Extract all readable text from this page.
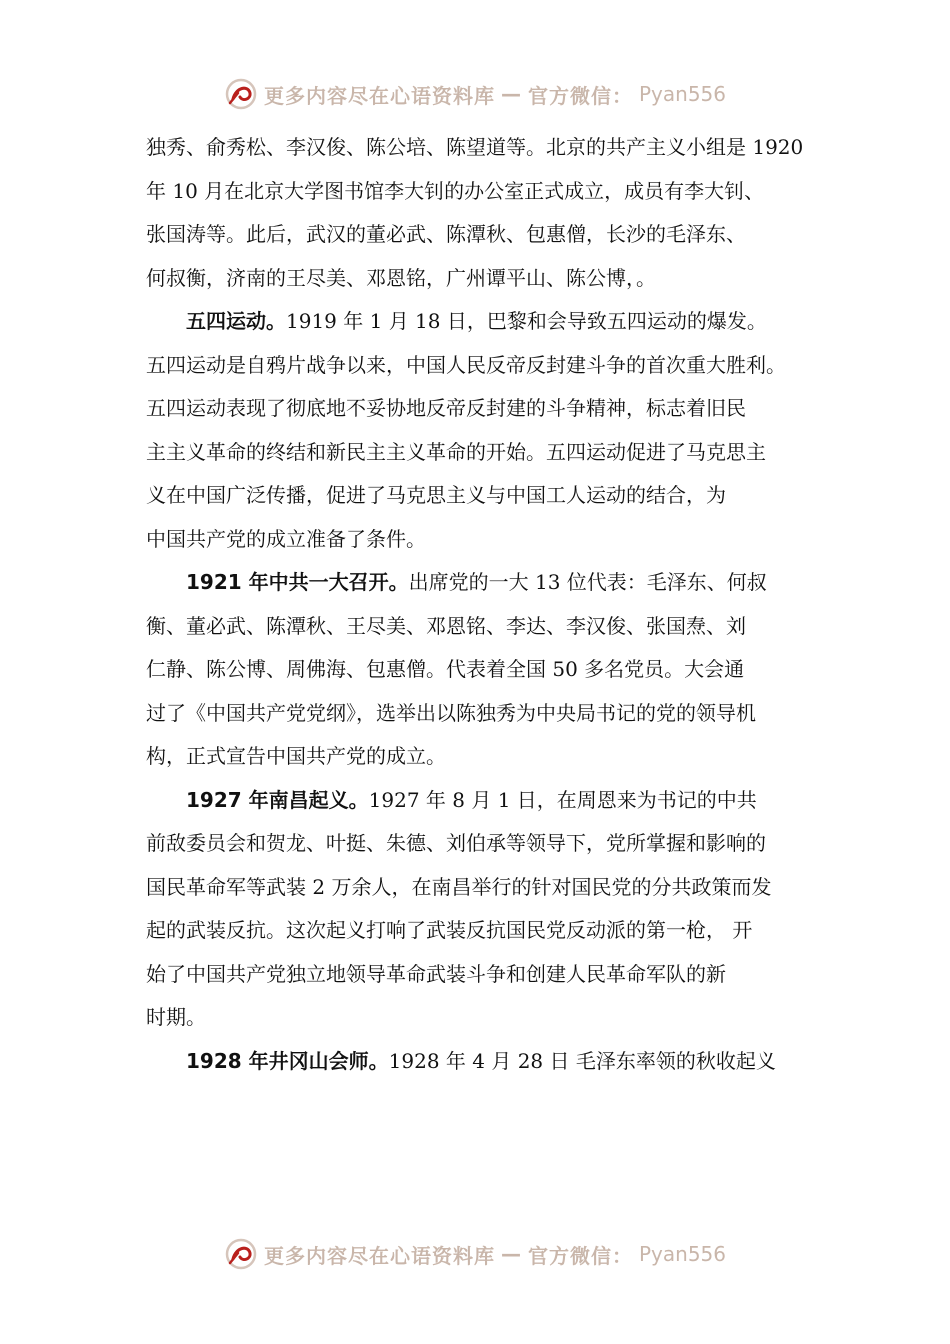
更多内容尽在心语资料库 — 官方微信： Pyan556

独秀、俞秀松、李汉俊、陈公培、陈望道等。北京的共产主义小组是 1920
年 10 月在北京大学图书馆李大钊的办公室正式成立，成员有李大钊、
张国涛等。此后，武汉的董必武、陈潭秋、包惠僧，长沙的毛泽东、
何叔衡，济南的王尽美、邓恩铭，广州谭平山、陈公博，。

五四运动。1919 年 1 月 18 日，巴黎和会导致五四运动的爆发。
五四运动是自鸦片战争以来，中国人民反帝反封建斗争的首次重大胜利。
五四运动表现了彻底地不妥协地反帝反封建的斗争精神，标志着旧民
主主义革命的终结和新民主主义革命的开始。五四运动促进了马克思主
义在中国广泛传播，促进了马克思主义与中国工人运动的结合，为
中国共产党的成立准备了条件。

1921 年中共一大召开。出席党的一大 13 位代表：毛泽东、何叔
衡、董必武、陈潭秋、王尽美、邓恩铭、李达、李汉俊、张国焘、刘
仁静、陈公博、周佛海、包惠僧。代表着全国 50 多名党员。大会通
过了《中国共产党党纲》，选举出以陈独秀为中央局书记的党的领导机
构，正式宣告中国共产党的成立。

1927 年南昌起义。1927 年 8 月 1 日，在周恩来为书记的中共
前敌委员会和贺龙、叶挺、朱德、刘伯承等领导下，党所掌握和影响的
国民革命军等武装 2 万余人，在南昌举行的针对国民党的分共政策而发
起的武装反抗。这次起义打响了武装反抗国民党反动派的第一枪， 开
始了中国共产党独立地领导革命武装斗争和创建人民革命军队的新
时期。

1928 年井冈山会师。1928 年 4 月 28 日 毛泽东率领的秋收起义

更多内容尽在心语资料库 — 官方微信： Pyan556
